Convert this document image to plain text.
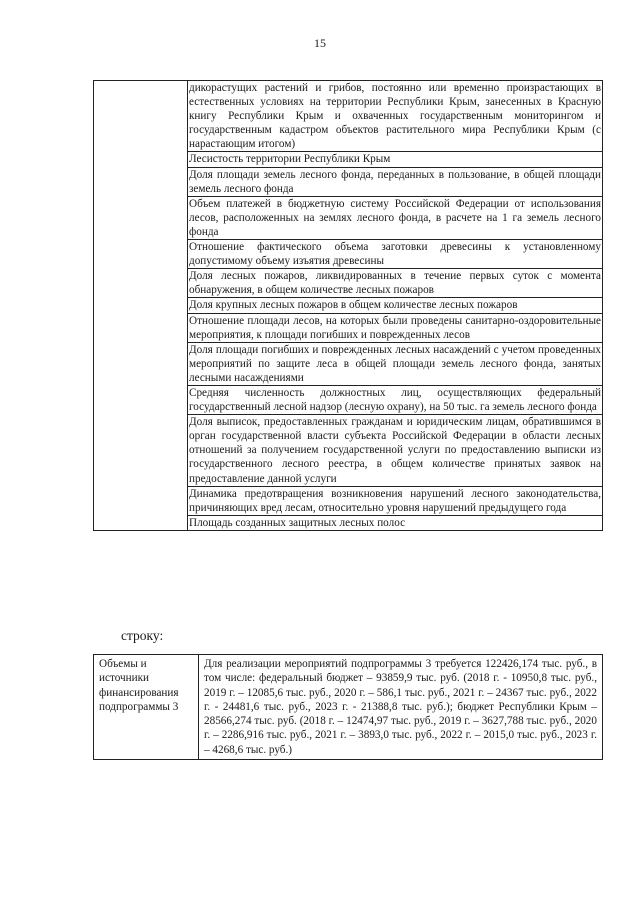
15

дикорастущих растений и грибов, постоянно или временно произрастающих в естественных условиях на территории Республики Крым, занесенных в Красную книгу Республики Крым и охваченных государственным мониторингом и государственным кадастром объектов растительного мира Республики Крым (с нарастающим итогом)
Лесистость территории Республики Крым
Доля площади земель лесного фонда, переданных в пользование, в общей площади земель лесного фонда
Объем платежей в бюджетную систему Российской Федерации от использования лесов, расположенных на землях лесного фонда, в расчете на 1 га земель лесного фонда
Отношение фактического объема заготовки древесины к установленному допустимому объему изъятия древесины
Доля лесных пожаров, ликвидированных в течение первых суток с момента обнаружения, в общем количестве лесных пожаров
Доля крупных лесных пожаров в общем количестве лесных пожаров
Отношение площади лесов, на которых были проведены санитарно-оздоровительные мероприятия, к площади погибших и поврежденных лесов
Доля площади погибших и поврежденных лесных насаждений с учетом проведенных мероприятий по защите леса в общей площади земель лесного фонда, занятых лесными насаждениями
Средняя численность должностных лиц, осуществляющих федеральный государственный лесной надзор (лесную охрану), на 50 тыс. га земель лесного фонда
Доля выписок, предоставленных гражданам и юридическим лицам, обратившимся в орган государственной власти субъекта Российской Федерации в области лесных отношений за получением государственной услуги по предоставлению выписки из государственного лесного реестра, в общем количестве принятых заявок на предоставление данной услуги
Динамика предотвращения возникновения нарушений лесного законодательства, причиняющих вред лесам, относительно уровня нарушений предыдущего года
Площадь созданных защитных лесных полос
строку:
Объемы и
источники
финансирования
подпрограммы 3
	Для реализации мероприятий подпрограммы 3 требуется 122426,174 тыс. руб., в том числе: федеральный бюджет – 93859,9 тыс. руб. (2018 г. - 10950,8 тыс. руб., 2019 г. – 12085,6 тыс. руб., 2020 г. – 586,1 тыс. руб., 2021 г. – 24367 тыс. руб., 2022 г. - 24481,6 тыс. руб., 2023 г. - 21388,8 тыс. руб.); бюджет Республики Крым – 28566,274 тыс. руб. (2018 г. – 12474,97 тыс. руб., 2019 г. – 3627,788 тыс. руб., 2020 г. – 2286,916 тыс. руб., 2021 г. – 3893,0 тыс. руб., 2022 г. – 2015,0 тыс. руб., 2023 г. – 4268,6 тыс. руб.)
